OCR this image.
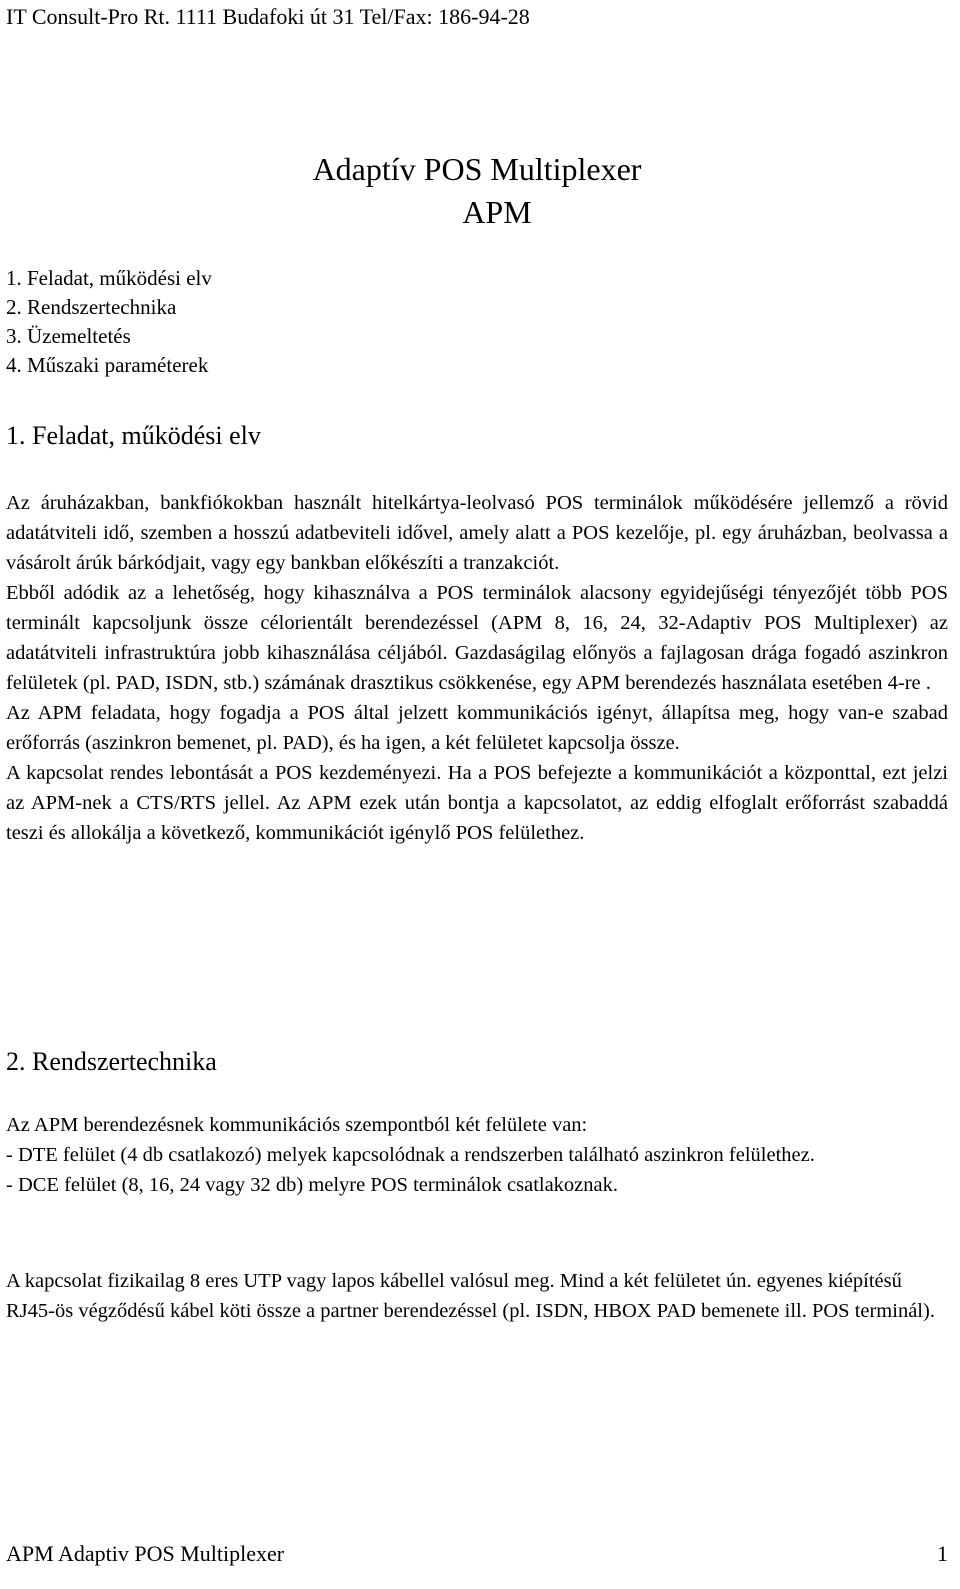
IT Consult-Pro Rt. 1111 Budafoki út 31 Tel/Fax: 186-94-28
Adaptív POS Multiplexer
APM
1. Feladat, működési elv
2. Rendszertechnika
3. Üzemeltetés
4. Műszaki paraméterek
1. Feladat, működési elv

Az áruházakban, bankfiókokban használt hitelkártya-leolvasó POS terminálok működésére jellemző a rövid adatátviteli idő, szemben a hosszú adatbeviteli idővel, amely alatt a POS kezelője, pl. egy áruházban, beolvassa a vásárolt árúk bárkódjait, vagy egy bankban előkészíti a tranzakciót.

Ebből adódik az a lehetőség, hogy kihasználva a POS terminálok alacsony egyidejűségi tényezőjét több POS terminált kapcsoljunk össze célorientált berendezéssel (APM 8, 16, 24, 32-Adaptiv POS Multiplexer) az adatátviteli infrastruktúra jobb kihasználása céljából. Gazdaságilag előnyös a fajlagosan drága fogadó aszinkron felületek (pl. PAD, ISDN, stb.) számának drasztikus csökkenése, egy APM berendezés használata esetében 4-re .

Az APM feladata, hogy fogadja a POS által jelzett kommunikációs igényt, állapítsa meg, hogy van-e szabad erőforrás (aszinkron bemenet, pl. PAD), és ha igen, a két felületet kapcsolja össze.

A kapcsolat rendes lebontását a POS kezdeményezi. Ha a POS befejezte a kommunikációt a központtal, ezt jelzi az APM-nek a CTS/RTS jellel. Az APM ezek után bontja a kapcsolatot, az eddig elfoglalt erőforrást szabaddá teszi és allokálja a következő, kommunikációt igénylő POS felülethez.

2. Rendszertechnika

Az APM berendezésnek kommunikációs szempontból két felülete van:

- DTE felület (4 db csatlakozó) melyek kapcsolódnak a rendszerben található aszinkron felülethez.

- DCE felület (8, 16, 24 vagy 32 db) melyre POS terminálok csatlakoznak.

A kapcsolat fizikailag 8 eres UTP vagy lapos kábellel valósul meg. Mind a két felületet ún. egyenes kiépítésű RJ45-ös végződésű kábel köti össze a partner berendezéssel (pl. ISDN, HBOX PAD bemenete ill. POS terminál).

APM Adaptiv POS Multiplexer	1
